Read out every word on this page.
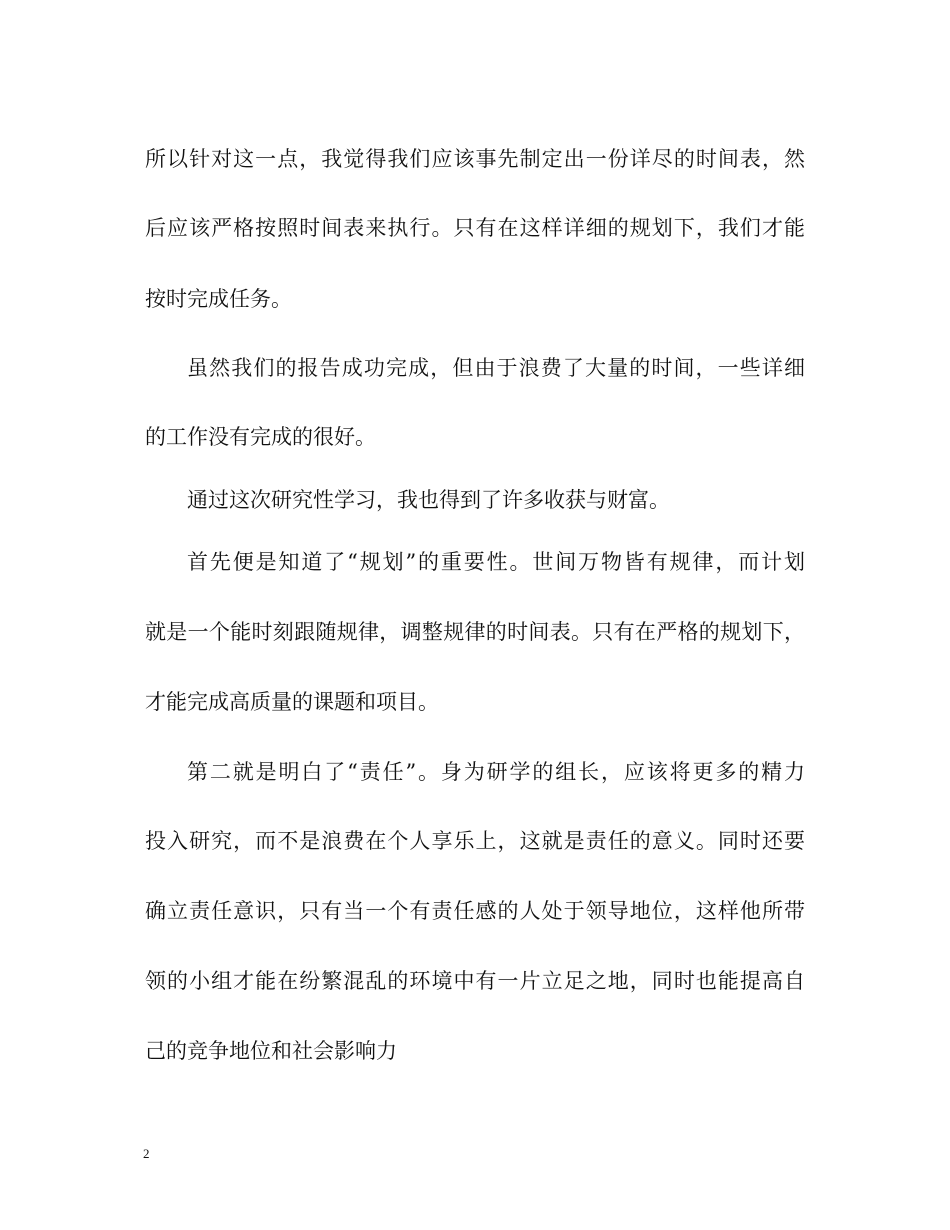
所以针对这一点，我觉得我们应该事先制定出一份详尽的时间表，然
后应该严格按照时间表来执行。只有在这样详细的规划下，我们才能
按时完成任务。
虽然我们的报告成功完成，但由于浪费了大量的时间，一些详细
的工作没有完成的很好。
通过这次研究性学习，我也得到了许多收获与财富。
首先便是知道了“规划”的重要性。世间万物皆有规律，而计划
就是一个能时刻跟随规律，调整规律的时间表。只有在严格的规划下，
才能完成高质量的课题和项目。
第二就是明白了“责任”。身为研学的组长，应该将更多的精力
投入研究，而不是浪费在个人享乐上，这就是责任的意义。同时还要
确立责任意识，只有当一个有责任感的人处于领导地位，这样他所带
领的小组才能在纷繁混乱的环境中有一片立足之地，同时也能提高自
己的竞争地位和社会影响力
2
